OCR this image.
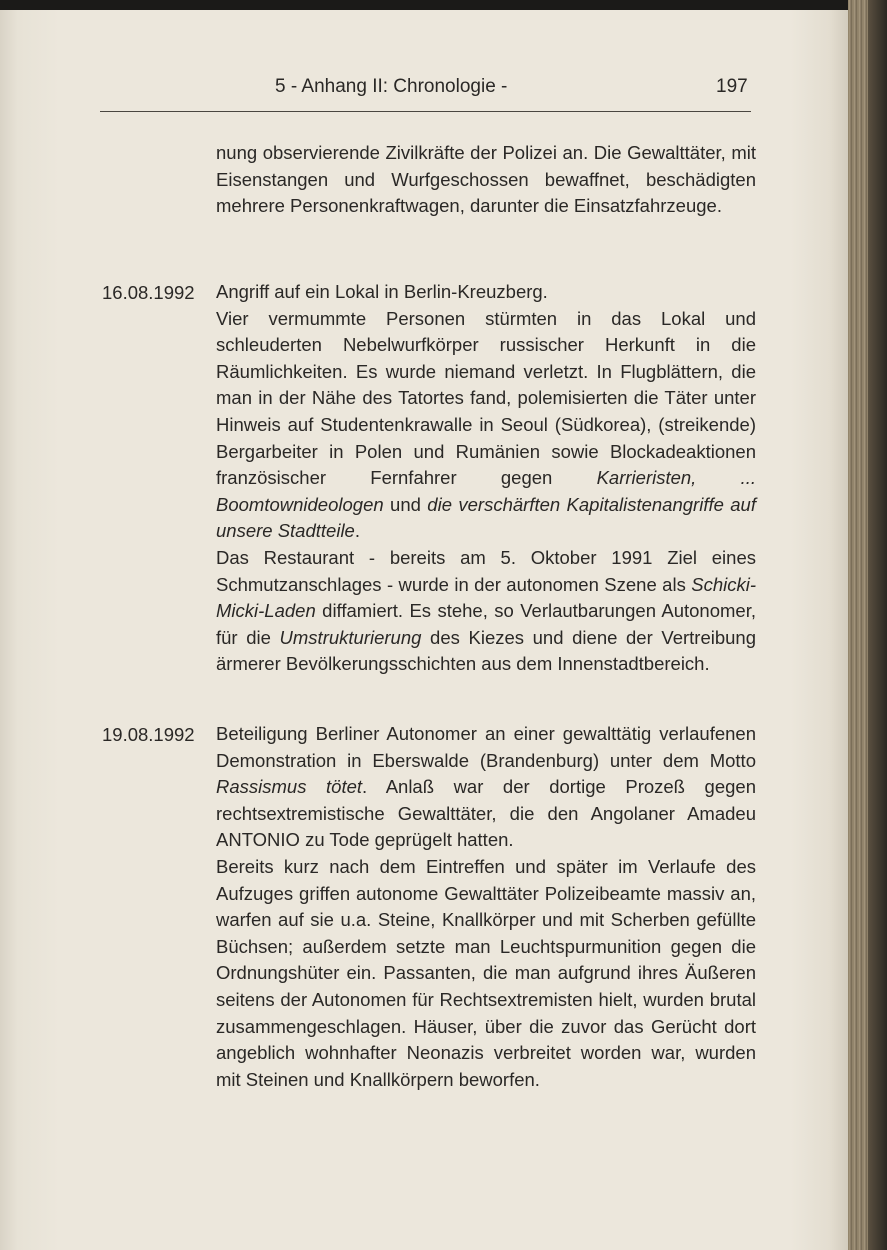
5 - Anhang II: Chronologie -	197

nung observierende Zivilkräfte der Polizei an. Die Gewalttäter, mit Eisenstangen und Wurfgeschossen bewaffnet, beschädigten mehrere Personenkraftwagen, darunter die Einsatzfahrzeuge.

16.08.1992 Angriff auf ein Lokal in Berlin-Kreuzberg.

Vier vermummte Personen stürmten in das Lokal und schleuderten Nebelwurfkörper russischer Herkunft in die Räumlichkeiten. Es wurde niemand verletzt. In Flugblättern, die man in der Nähe des Tatortes fand, polemisierten die Täter unter Hinweis auf Studentenkrawalle in Seoul (Südkorea), (streikende) Bergarbeiter in Polen und Rumänien sowie Blockadeaktionen französischer Fernfahrer gegen Karrieristen, ... Boomtownideologen und die verschärften Kapitalistenangriffe auf unsere Stadtteile.

Das Restaurant - bereits am 5. Oktober 1991 Ziel eines Schmutzanschlages - wurde in der autonomen Szene als Schicki-Micki-Laden diffamiert. Es stehe, so Verlautbarungen Autonomer, für die Umstrukturierung des Kiezes und diene der Vertreibung ärmerer Bevölkerungsschichten aus dem Innenstadtbereich.

19.08.1992 Beteiligung Berliner Autonomer an einer gewalttätig verlaufenen Demonstration in Eberswalde (Brandenburg) unter dem Motto Rassismus tötet. Anlaß war der dortige Prozeß gegen rechtsextremistische Gewalttäter, die den Angolaner Amadeu ANTONIO zu Tode geprügelt hatten.

Bereits kurz nach dem Eintreffen und später im Verlaufe des Aufzuges griffen autonome Gewalttäter Polizeibeamte massiv an, warfen auf sie u.a. Steine, Knallkörper und mit Scherben gefüllte Büchsen; außerdem setzte man Leuchtspurmunition gegen die Ordnungshüter ein. Passanten, die man aufgrund ihres Äußeren seitens der Autonomen für Rechtsextremisten hielt, wurden brutal zusammengeschlagen. Häuser, über die zuvor das Gerücht dort angeblich wohnhafter Neonazis verbreitet worden war, wurden mit Steinen und Knallkörpern beworfen.
